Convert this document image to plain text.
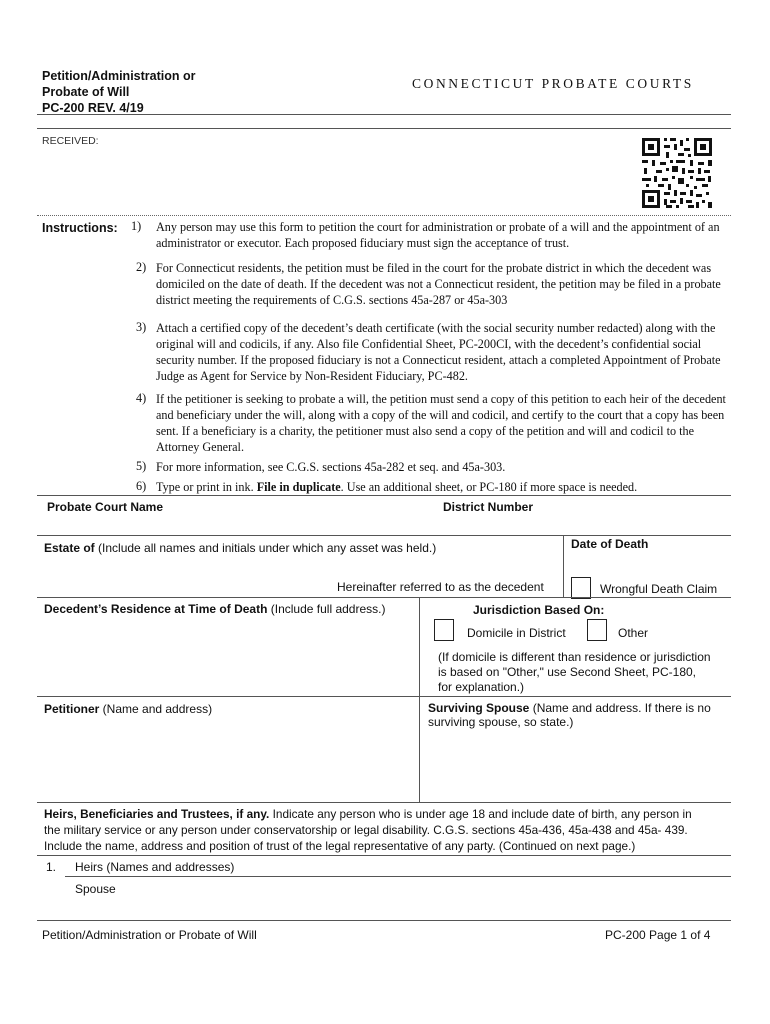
Petition/Administration or
Probate of Will
PC-200 REV. 4/19
CONNECTICUT PROBATE COURTS
RECEIVED:
Instructions: 1) Any person may use this form to petition the court for administration or probate of a will and the appointment of an administrator or executor. Each proposed fiduciary must sign the acceptance of trust.
2) For Connecticut residents, the petition must be filed in the court for the probate district in which the decedent was domiciled on the date of death. If the decedent was not a Connecticut resident, the petition may be filed in a probate district meeting the requirements of C.G.S. sections 45a-287 or 45a-303
3) Attach a certified copy of the decedent’s death certificate (with the social security number redacted) along with the original will and codicils, if any. Also file Confidential Sheet, PC-200CI, with the decedent’s confidential social security number. If the proposed fiduciary is not a Connecticut resident, attach a completed Appointment of Probate Judge as Agent for Service by Non-Resident Fiduciary, PC-482.
4) If the petitioner is seeking to probate a will, the petition must send a copy of this petition to each heir of the decedent and beneficiary under the will, along with a copy of the will and codicil, and certify to the court that a copy has been sent. If a beneficiary is a charity, the petitioner must also send a copy of the petition and will and codicil to the Attorney General.
5) For more information, see C.G.S. sections 45a-282 et seq. and 45a-303.
6) Type or print in ink. File in duplicate. Use an additional sheet, or PC-180 if more space is needed.
Probate Court Name	District Number
Estate of (Include all names and initials under which any asset was held.)	Date of Death
Hereinafter referred to as the decedent	Wrongful Death Claim
Decedent’s Residence at Time of Death (Include full address.)	Jurisdiction Based On:
Domicile in District	Other
(If domicile is different than residence or jurisdiction
is based on "Other," use Second Sheet, PC-180,
for explanation.)
Petitioner (Name and address)	Surviving Spouse (Name and address. If there is no
surviving spouse, so state.)
Heirs, Beneficiaries and Trustees, if any. Indicate any person who is under age 18 and include date of birth, any person in
the military service or any person under conservatorship or legal disability. C.G.S. sections 45a-436, 45a-438 and 45a- 439.
Include the name, address and position of trust of the legal representative of any party. (Continued on next page.)
1. Heirs (Names and addresses)
Spouse
Petition/Administration or Probate of Will	PC-200 Page 1 of 4
